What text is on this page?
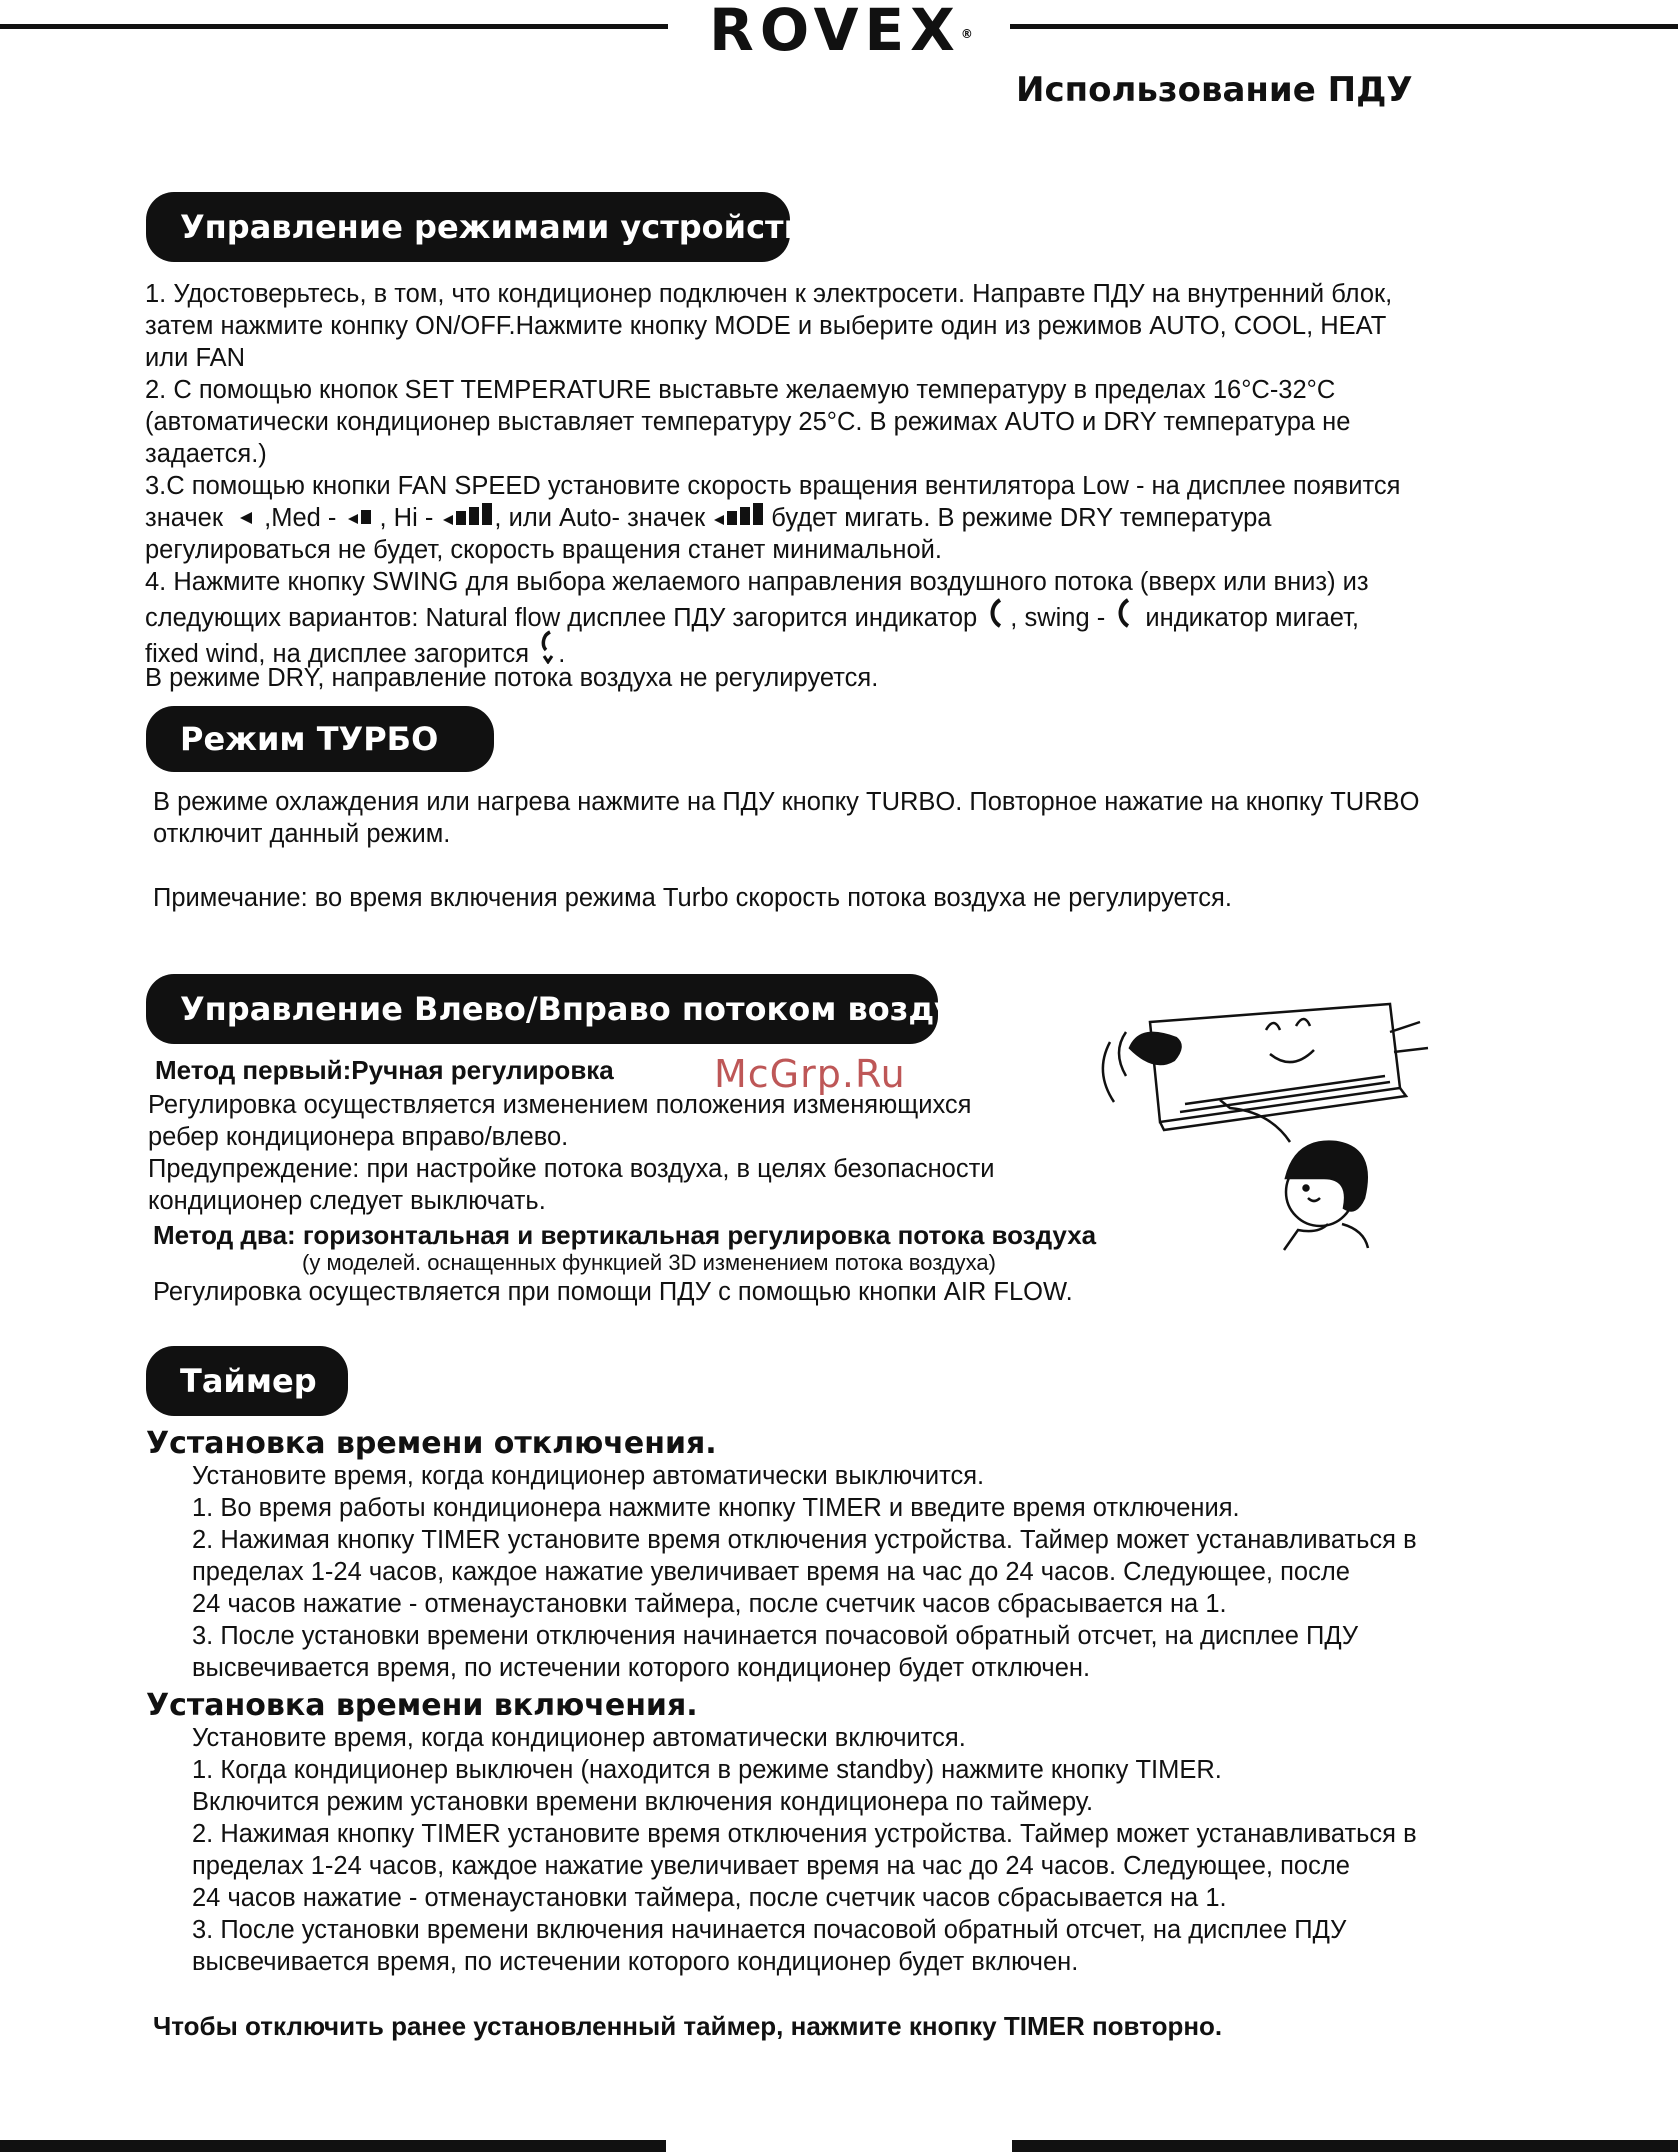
ROVEX®
Использование ПДУ
Управление режимами устройства
1. Удостоверьтесь, в том, что кондиционер подключен к электросети. Направте ПДУ на внутренний блок,
затем нажмите конпку ON/OFF.Нажмите кнопку MODE и выберите один из режимов AUTO, COOL, HEAT
или FAN
2. С помощью кнопок SET TEMPERATURE выставьте желаемую температуру в пределах 16°C-32°C
(автоматически кондиционер выставляет температуру 25°C. В режимах AUTO и DRY температура не
задается.)
3.С помощью кнопки FAN SPEED установите скорость вращения вентилятора Low - на дисплее появится
значек ,Med - , Hi - , или Auto- значек	будет мигать. В режиме DRY температура
регулироваться не будет, скорость вращения станет минимальной.
4. Нажмите кнопку SWING для выбора желаемого направления воздушного потока (вверх или вниз) из
следующих вариантов: Natural flow дисплее ПДУ загорится индикатор , swing - индикатор мигает,
fixed wind, на дисплее загорится .
В режиме DRY, направление потока воздуха не регулируется.
Режим ТУРБО
В режиме охлаждения или нагрева нажмите на ПДУ кнопку TURBO. Повторное нажатие на кнопку TURBO
отключит данный режим.
Примечание: во время включения режима Turbo скорость потока воздуха не регулируется.
Управление Влево/Вправо потоком воздуха
Метод первый:Ручная регулировка	McGrp.Ru
Регулировка осуществляется изменением положения изменяющихся
ребер кондиционера вправо/влево.
Предупреждение: при настройке потока воздуха, в целях безопасности
кондиционер следует выключать.
Метод два: горизонтальная и вертикальная регулировка потока воздуха
(у моделей. оснащенных функцией 3D изменением потока воздуха)
Регулировка осуществляется при помощи ПДУ с помощью кнопки AIR FLOW.
Таймер
Установка времени отключения.
Установите время, когда кондиционер автоматически выключится.
1. Во время работы кондиционера нажмите кнопку TIMER и введите время отключения.
2. Нажимая кнопку TIMER установите время отключения устройства. Таймер может устанавливаться в
пределах 1-24 часов, каждое нажатие увеличивает время на час до 24 часов. Следующее, после
24 часов нажатие - отменаустановки таймера, после счетчик часов сбрасывается на 1.
3. После установки времени отключения начинается почасовой обратный отсчет, на дисплее ПДУ
высвечивается время, по истечении которого кондиционер будет отключен.
Установка времени включения.
Установите время, когда кондиционер автоматически включится.
1. Когда кондиционер выключен (находится в режиме standby) нажмите кнопку TIMER.
Включится режим установки времени включения кондиционера по таймеру.
2. Нажимая кнопку TIMER установите время отключения устройства. Таймер может устанавливаться в
пределах 1-24 часов, каждое нажатие увеличивает время на час до 24 часов. Следующее, после
24 часов нажатие - отменаустановки таймера, после счетчик часов сбрасывается на 1.
3. После установки времени включения начинается почасовой обратный отсчет, на дисплее ПДУ
высвечивается время, по истечении которого кондиционер будет включен.
Чтобы отключить ранее установленный таймер, нажмите кнопку TIMER повторно.
